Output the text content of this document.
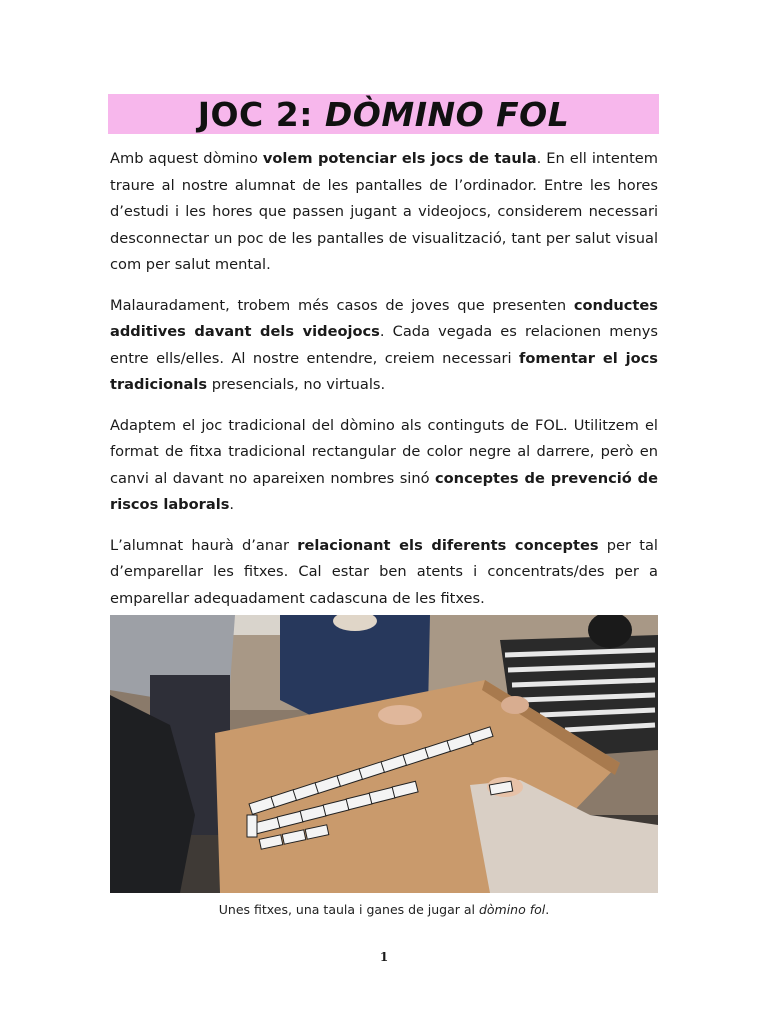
JOC 2: DÒMINO FOL

Amb aquest dòmino volem potenciar els jocs de taula. En ell intentem traure al nostre alumnat de les pantalles de l’ordinador. Entre les hores d’estudi i les hores que passen jugant a videojocs, considerem necessari desconnectar un poc de les pantalles de visualització, tant per salut visual com per salut mental.

Malauradament, trobem més casos de joves que presenten conductes additives davant dels videojocs. Cada vegada es relacionen menys entre ells/elles. Al nostre entendre, creiem necessari fomentar el jocs tradicionals presencials, no virtuals.

Adaptem el joc tradicional del dòmino als continguts de FOL. Utilitzem el format de fitxa tradicional rectangular de color negre al darrere, però en canvi al davant no apareixen nombres sinó conceptes de prevenció de riscos laborals.

L’alumnat haurà d’anar relacionant els diferents conceptes per tal d’emparellar les fitxes. Cal estar ben atents i concentrats/des per a emparellar adequadament cadascuna de les fitxes.

Unes fitxes, una taula i ganes de jugar al dòmino fol.
1
